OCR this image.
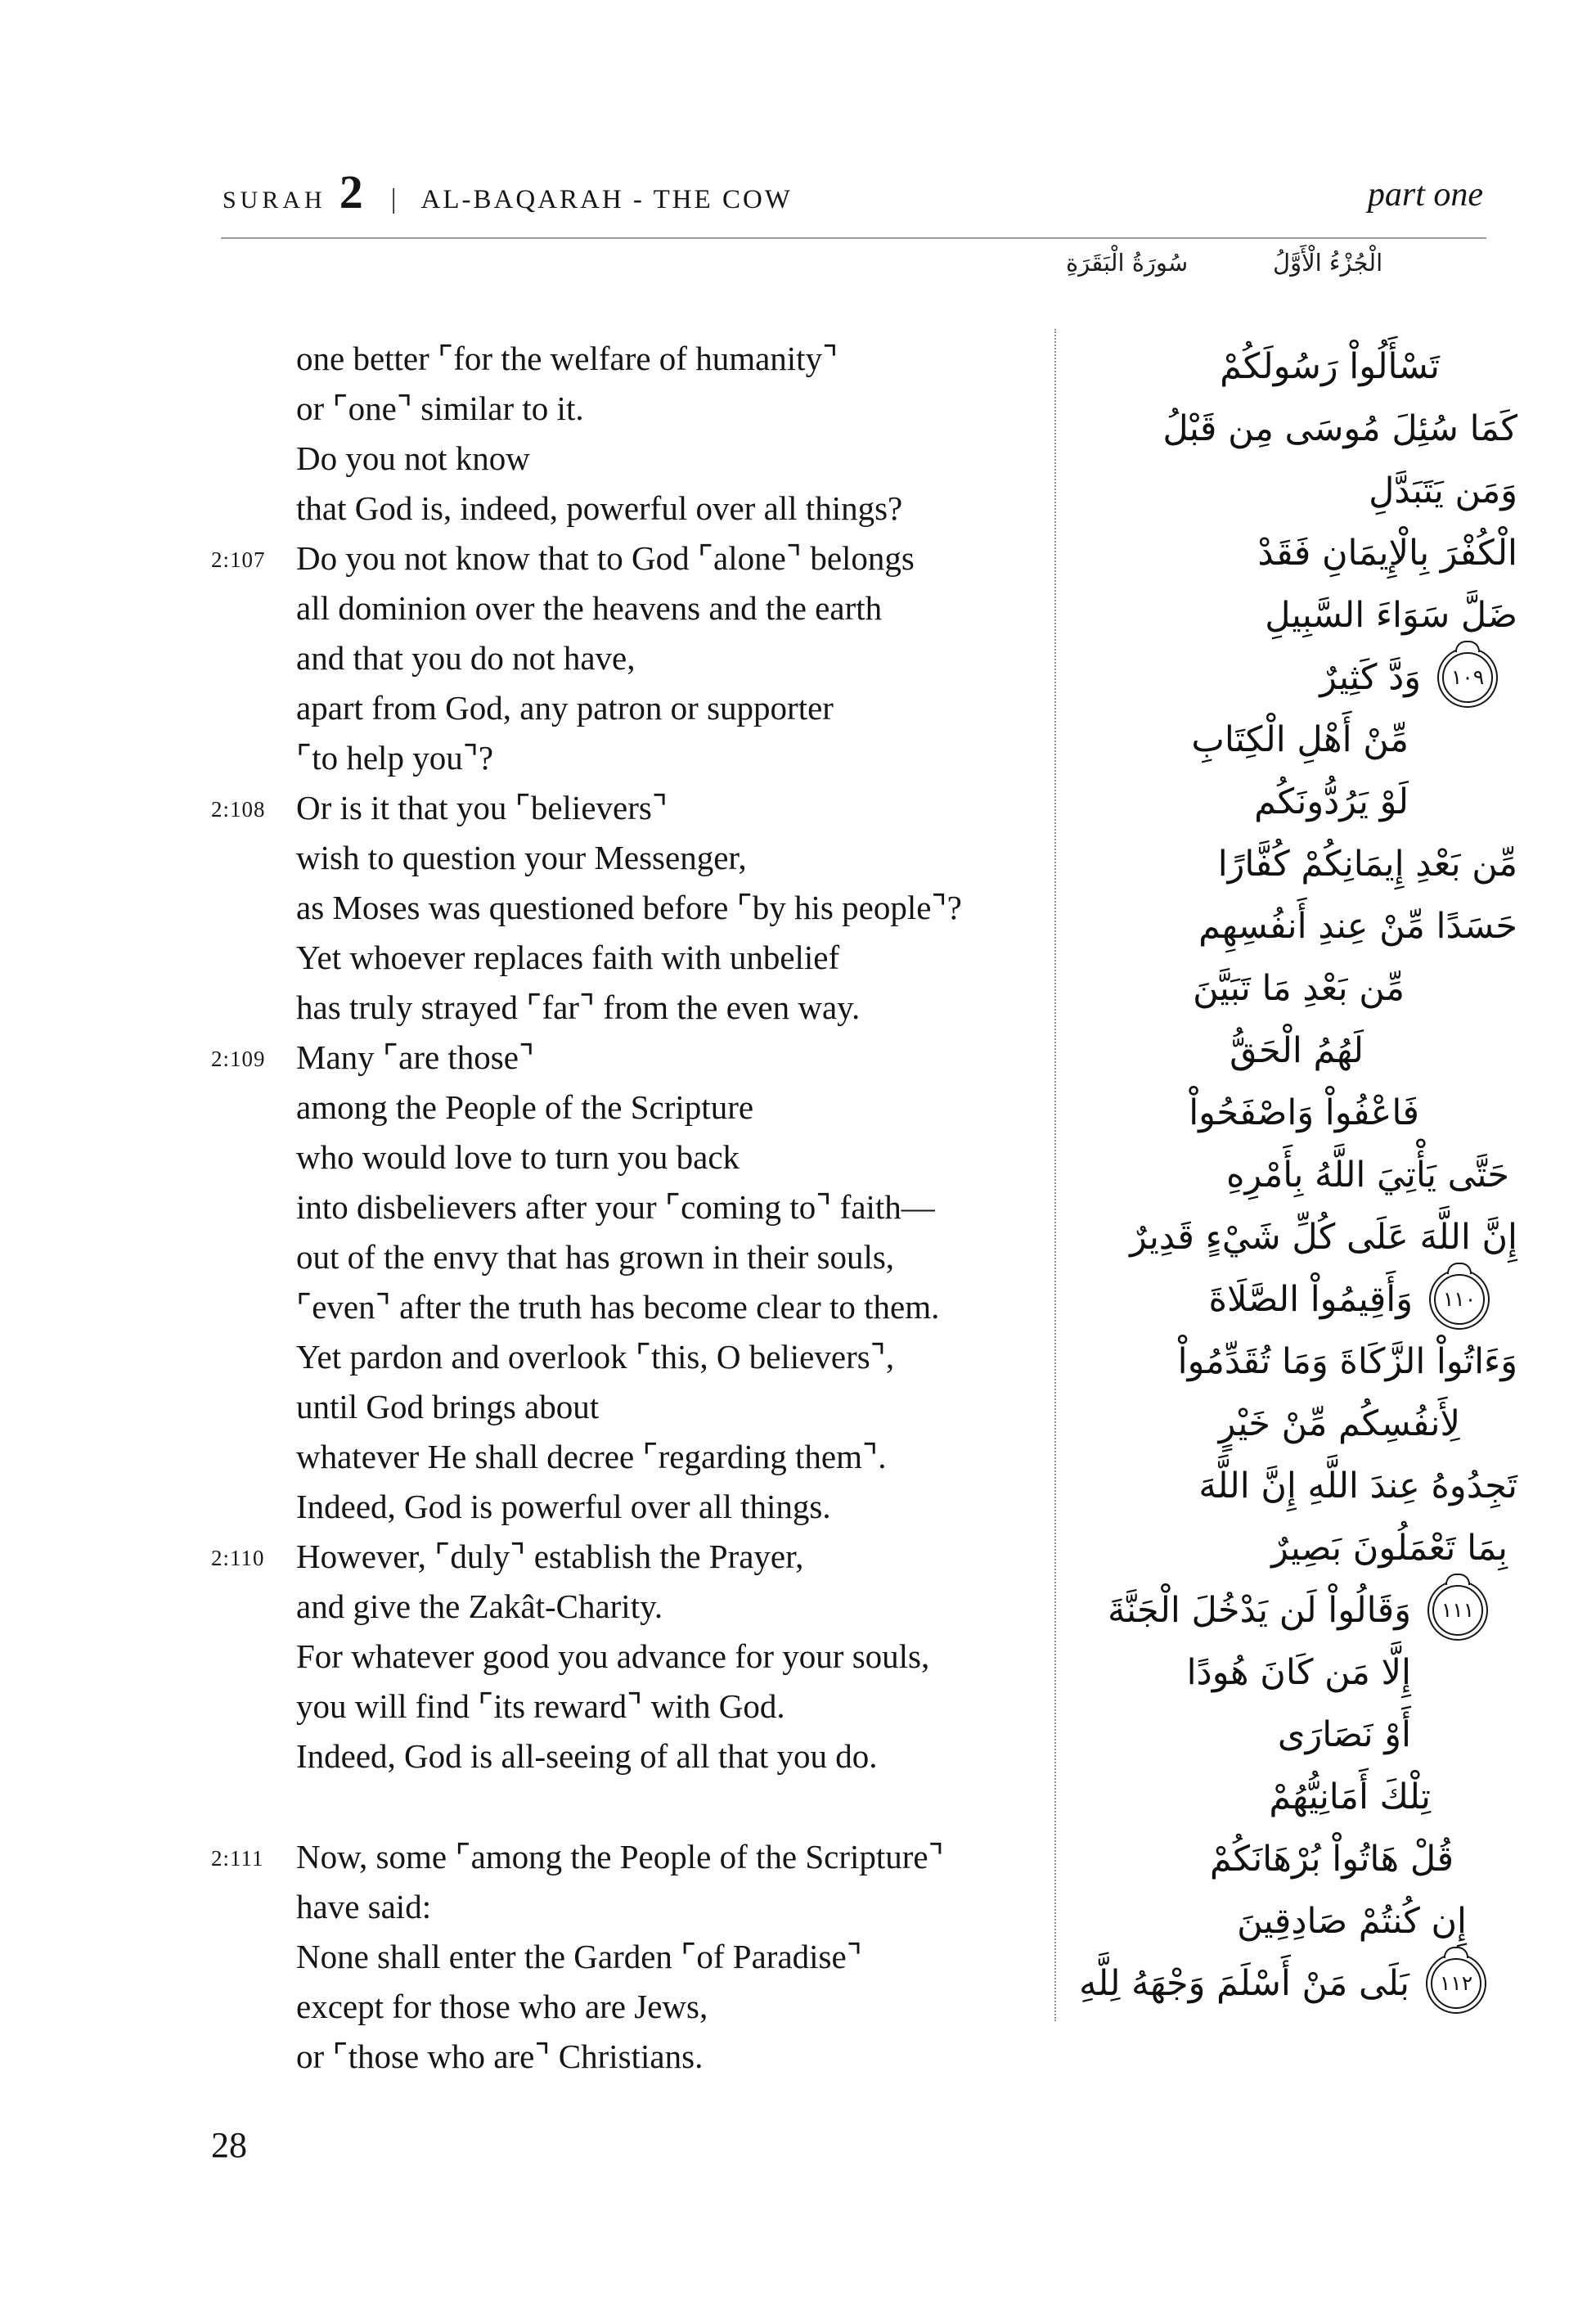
SURAH 2 | AL-BAQARAH - THE COW	part one
سُورَةُ الْبَقَرَةِ	الْجُزْءُ الْأَوَّلُ
one better ⌜for the welfare of humanity⌝
or ⌜one⌝ similar to it.
Do you not know
that God is, indeed, powerful over all things?
2:107 Do you not know that to God ⌜alone⌝ belongs
all dominion over the heavens and the earth
and that you do not have,
apart from God, any patron or supporter
⌜to help you⌝?
2:108 Or is it that you ⌜believers⌝
wish to question your Messenger,
as Moses was questioned before ⌜by his people⌝?
Yet whoever replaces faith with unbelief
has truly strayed ⌜far⌝ from the even way.
2:109 Many ⌜are those⌝
among the People of the Scripture
who would love to turn you back
into disbelievers after your ⌜coming to⌝ faith—
out of the envy that has grown in their souls,
⌜even⌝ after the truth has become clear to them.
Yet pardon and overlook ⌜this, O believers⌝,
until God brings about
whatever He shall decree ⌜regarding them⌝.
Indeed, God is powerful over all things.
2:110 However, ⌜duly⌝ establish the Prayer,
and give the Zakât-Charity.
For whatever good you advance for your souls,
you will find ⌜its reward⌝ with God.
Indeed, God is all-seeing of all that you do.
2:111 Now, some ⌜among the People of the Scripture⌝
have said:
None shall enter the Garden ⌜of Paradise⌝
except for those who are Jews,
or ⌜those who are⌝ Christians.
تَسْأَلُواْ رَسُولَكُمْ
كَمَا سُئِلَ مُوسَى مِن قَبْلُ
وَمَن يَتَبَدَّلِ
الْكُفْرَ بِالْإِيمَانِ فَقَدْ
ضَلَّ سَوَاءَ السَّبِيلِ
١٠٩
وَدَّ كَثِيرٌ
مِّنْ أَهْلِ الْكِتَابِ
لَوْ يَرُدُّونَكُم
مِّن بَعْدِ إِيمَانِكُمْ كُفَّارًا
حَسَدًا مِّنْ عِندِ أَنفُسِهِم
مِّن بَعْدِ مَا تَبَيَّنَ
لَهُمُ الْحَقُّ
فَاعْفُواْ وَاصْفَحُواْ
حَتَّى يَأْتِيَ اللَّهُ بِأَمْرِهِ
إِنَّ اللَّهَ عَلَى كُلِّ شَيْءٍ قَدِيرٌ
١١٠
وَأَقِيمُواْ الصَّلَاةَ
وَءَاتُواْ الزَّكَاةَ وَمَا تُقَدِّمُواْ
لِأَنفُسِكُم مِّنْ خَيْرٍ
تَجِدُوهُ عِندَ اللَّهِ إِنَّ اللَّهَ
بِمَا تَعْمَلُونَ بَصِيرٌ
١١١
وَقَالُواْ لَن يَدْخُلَ الْجَنَّةَ
إِلَّا مَن كَانَ هُودًا
أَوْ نَصَارَى
تِلْكَ أَمَانِيُّهُمْ
قُلْ هَاتُواْ بُرْهَانَكُمْ
إِن كُنتُمْ صَادِقِينَ
١١٢
بَلَى مَنْ أَسْلَمَ وَجْهَهُ لِلَّهِ
28
